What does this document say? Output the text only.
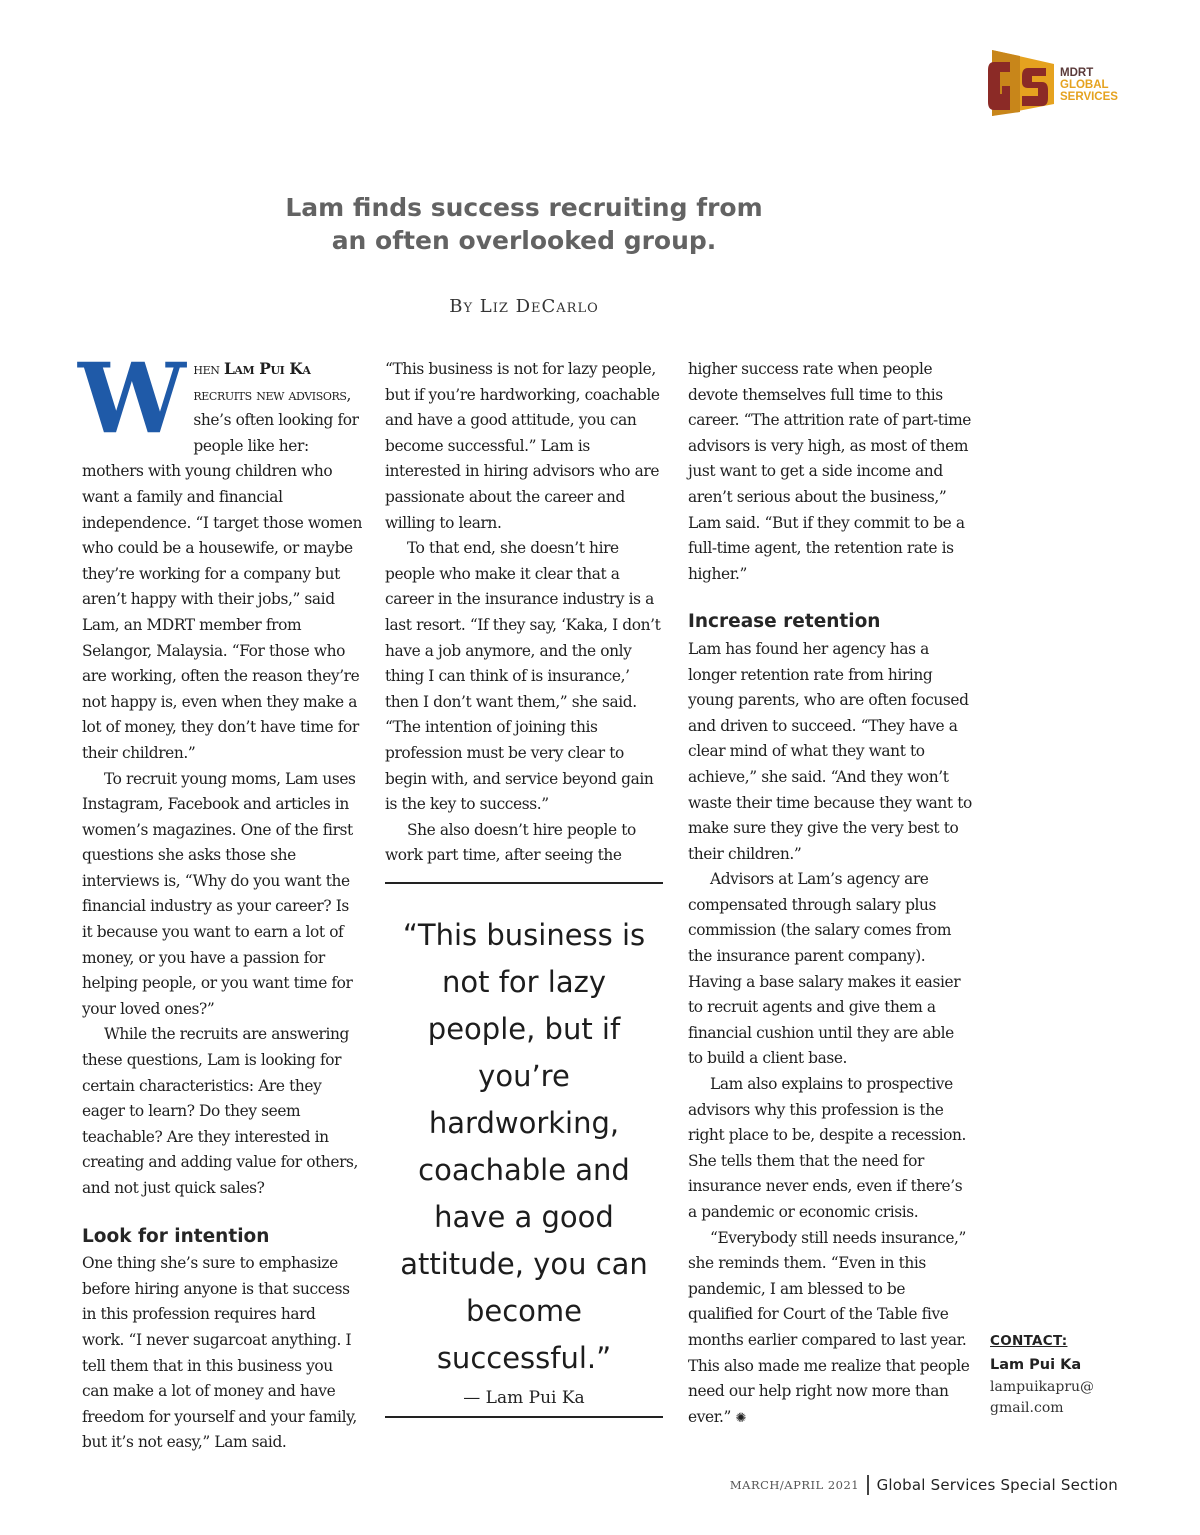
MDRT
GLOBAL
SERVICES
Lam finds success recruiting from
an often overlooked group.
By Liz DeCarlo

When Lam Pui Ka recruits new advisors, she’s often looking for people like her: mothers with young children who want a family and financial independence. “I target those women who could be a housewife, or maybe they’re working for a company but aren’t happy with their jobs,” said Lam, an MDRT member from Selangor, Malaysia. “For those who are working, often the reason they’re not happy is, even when they make a lot of money, they don’t have time for their children.”

To recruit young moms, Lam uses Instagram, Facebook and articles in women’s magazines. One of the first questions she asks those she interviews is, “Why do you want the financial industry as your career? Is it because you want to earn a lot of money, or you have a passion for helping people, or you want time for your loved ones?”

While the recruits are answering these questions, Lam is looking for certain characteristics: Are they eager to learn? Do they seem teachable? Are they interested in creating and adding value for others, and not just quick sales?

Look for intention

One thing she’s sure to emphasize before hiring anyone is that success in this profession requires hard work. “I never sugarcoat anything. I tell them that in this business you can make a lot of money and have freedom for yourself and your family, but it’s not easy,” Lam said.

“This business is not for lazy people, but if you’re hardworking, coachable and have a good attitude, you can become successful.” Lam is interested in hiring advisors who are passionate about the career and willing to learn.

To that end, she doesn’t hire people who make it clear that a career in the insurance industry is a last resort. “If they say, ‘Kaka, I don’t have a job anymore, and the only thing I can think of is insurance,’ then I don’t want them,” she said. “The intention of joining this profession must be very clear to begin with, and service beyond gain is the key to success.”

She also doesn’t hire people to work part time, after seeing the

“This business is not for lazy people, but if you’re hardworking, coachable and have a good attitude, you can become successful.”

— Lam Pui Ka

higher success rate when people devote themselves full time to this career. “The attrition rate of part-time advisors is very high, as most of them just want to get a side income and aren’t serious about the business,” Lam said. “But if they commit to be a full-time agent, the retention rate is higher.”

Increase retention

Lam has found her agency has a longer retention rate from hiring young parents, who are often focused and driven to succeed. “They have a clear mind of what they want to achieve,” she said. “And they won’t waste their time because they want to make sure they give the very best to their children.”

Advisors at Lam’s agency are compensated through salary plus commission (the salary comes from the insurance parent company). Having a base salary makes it easier to recruit agents and give them a financial cushion until they are able to build a client base.

Lam also explains to prospective advisors why this profession is the right place to be, despite a recession. She tells them that the need for insurance never ends, even if there’s a pandemic or economic crisis.

“Everybody still needs insurance,” she reminds them. “Even in this pandemic, I am blessed to be qualified for Court of the Table five months earlier compared to last year. This also made me realize that people need our help right now more than ever.” ✺

CONTACT:

Lam Pui Ka

lampuikapru@
gmail.com

MARCH/APRIL 2021 Global Services Special Section
